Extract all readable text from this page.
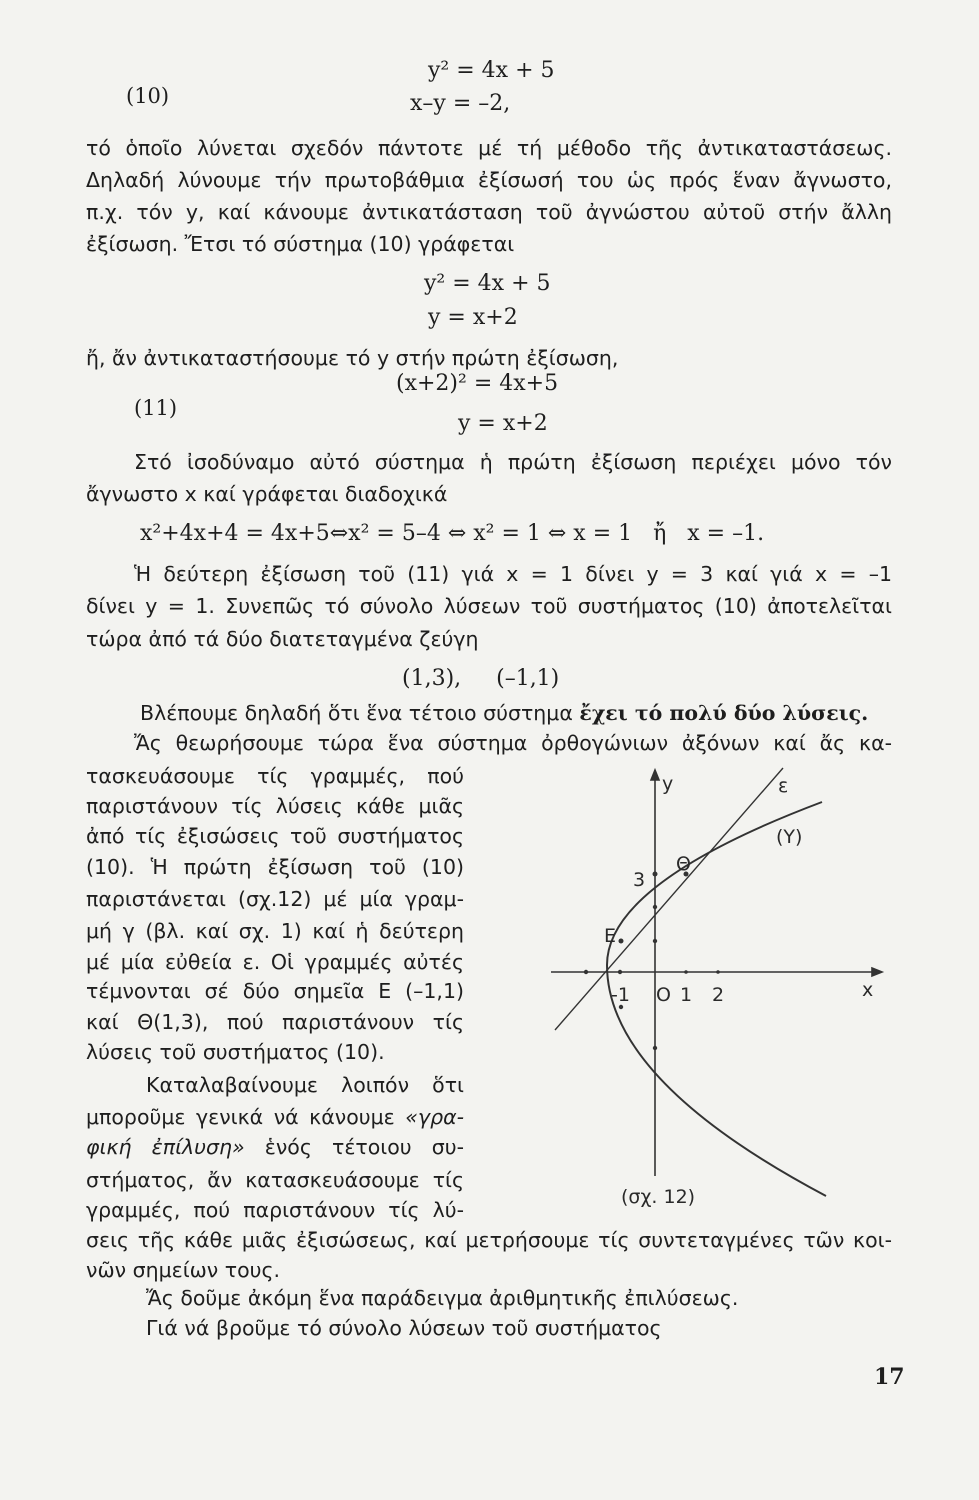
y² = 4x + 5
(10)	x–y = –2,
τό ὁποῖο λύνεται σχεδόν πάντοτε μέ τή μέθοδο τῆς ἀντικαταστάσεως.
Δηλαδή λύνουμε τήν πρωτοβάθμια ἐξίσωσή του ὡς πρός ἕναν ἄγνωστο,
π.χ. τόν y, καί κάνουμε ἀντικατάσταση τοῦ ἀγνώστου αὐτοῦ στήν ἄλλη
ἐξίσωση. Ἔτσι τό σύστημα (10) γράφεται
y² = 4x + 5
y = x+2
ἤ, ἄν ἀντικαταστήσουμε τό y στήν πρώτη ἐξίσωση,
(x+2)² = 4x+5
(11)
y = x+2
Στό ἰσοδύναμο αὐτό σύστημα ἡ πρώτη ἐξίσωση περιέχει μόνο τόν
ἄγνωστο x καί γράφεται διαδοχικά
x²+4x+4 = 4x+5⇔x² = 5–4 ⇔ x² = 1 ⇔ x = 1   ἤ   x = –1.
Ἡ δεύτερη ἐξίσωση τοῦ (11) γιά x = 1 δίνει y = 3 καί γιά x = –1
δίνει y = 1. Συνεπῶς τό σύνολο λύσεων τοῦ συστήματος (10) ἀποτελεῖται
τώρα ἀπό τά δύο διατεταγμένα ζεύγη
(1,3),     (–1,1)
Βλέπουμε δηλαδή ὅτι ἕνα τέτοιο σύστημα ἔχει τό πολύ δύο λύσεις.
Ἄς θεωρήσουμε τώρα ἕνα σύστημα ὀρθογώνιων ἀξόνων καί ἄς κα-
τασκευάσουμε τίς γραμμές, πού
παριστάνουν τίς λύσεις κάθε μιᾶς
ἀπό τίς ἐξισώσεις τοῦ συστήματος
(10). Ἡ πρώτη ἐξίσωση τοῦ (10)
παριστάνεται (σχ.12) μέ μία γραμ-
μή γ (βλ. καί σχ. 1) καί ἡ δεύτερη
μέ μία εὐθεία ε. Οἱ γραμμές αὐτές
τέμνονται σέ δύο σημεῖα Ε (–1,1)
καί Θ(1,3), πού παριστάνουν τίς
λύσεις τοῦ συστήματος (10).
Καταλαβαίνουμε λοιπόν ὅτι
μποροῦμε γενικά νά κάνουμε «γρα-
φική ἐπίλυση» ἑνός τέτοιου συ-
στήματος, ἄν κατασκευάσουμε τίς
γραμμές, πού παριστάνουν τίς λύ-
σεις τῆς κάθε μιᾶς ἐξισώσεως, καί μετρήσουμε τίς συντεταγμένες τῶν κοι-
νῶν σημείων τους.
Ἄς δοῦμε ἀκόμη ἕνα παράδειγμα ἀριθμητικῆς ἐπιλύσεως.
Γιά νά βροῦμε τό σύνολο λύσεων τοῦ συστήματος
y	ε
(Y)
Θ
3
Ε
-1 O 1 2	x
(σχ. 12)
17
